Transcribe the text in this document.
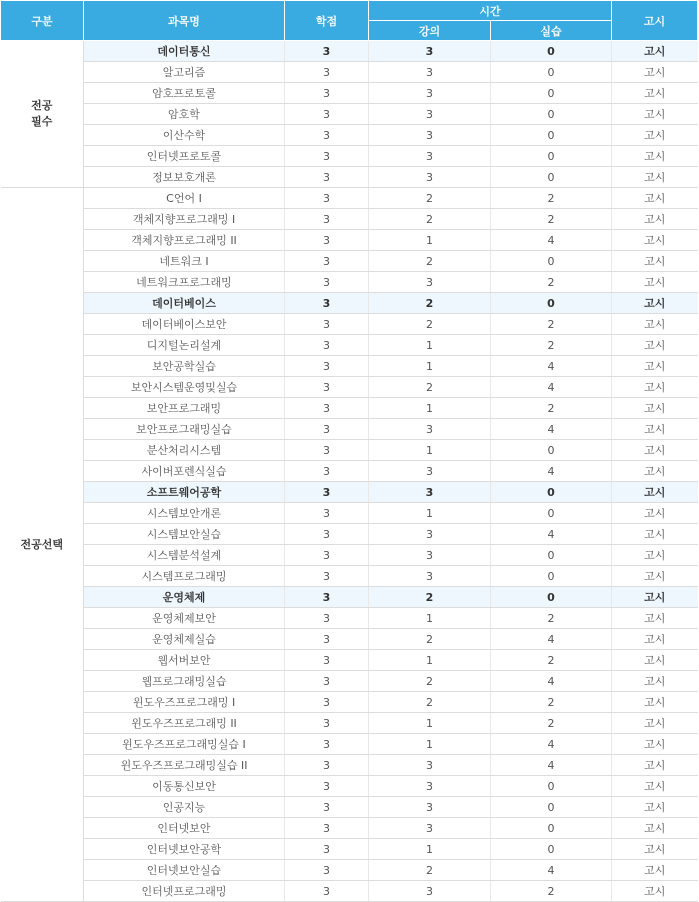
구분	과목명	학점	시간		고시
			강의	실습	
전공
필수	데이터통신	3	3	0	고시
	알고리즘	3	3	0	고시
	암호프로토콜	3	3	0	고시
	암호학	3	3	0	고시
	이산수학	3	3	0	고시
	인터넷프로토콜	3	3	0	고시
	정보보호개론	3	3	0	고시
전공선택	C언어 I	3	2	2	고시
	객체지향프로그래밍 I	3	2	2	고시
	객체지향프로그래밍 II	3	1	4	고시
	네트워크 I	3	2	0	고시
	네트워크프로그래밍	3	3	2	고시
	데이터베이스	3	2	0	고시
	데이터베이스보안	3	2	2	고시
	디지털논리설계	3	1	2	고시
	보안공학실습	3	1	4	고시
	보안시스템운영및실습	3	2	4	고시
	보안프로그래밍	3	1	2	고시
	보안프로그래밍실습	3	3	4	고시
	분산처리시스템	3	1	0	고시
	사이버포렌식실습	3	3	4	고시
	소프트웨어공학	3	3	0	고시
	시스템보안개론	3	1	0	고시
	시스템보안실습	3	3	4	고시
	시스템분석설계	3	3	0	고시
	시스템프로그래밍	3	3	0	고시
	운영체제	3	2	0	고시
	운영체제보안	3	1	2	고시
	운영체제실습	3	2	4	고시
	웹서버보안	3	1	2	고시
	웹프로그래밍실습	3	2	4	고시
	윈도우즈프로그래밍 I	3	2	2	고시
	윈도우즈프로그래밍 II	3	1	2	고시
	윈도우즈프로그래밍실습 I	3	1	4	고시
	윈도우즈프로그래밍실습 II	3	3	4	고시
	이동통신보안	3	3	0	고시
	인공지능	3	3	0	고시
	인터넷보안	3	3	0	고시
	인터넷보안공학	3	1	0	고시
	인터넷보안실습	3	2	4	고시
	인터넷프로그래밍	3	3	2	고시
